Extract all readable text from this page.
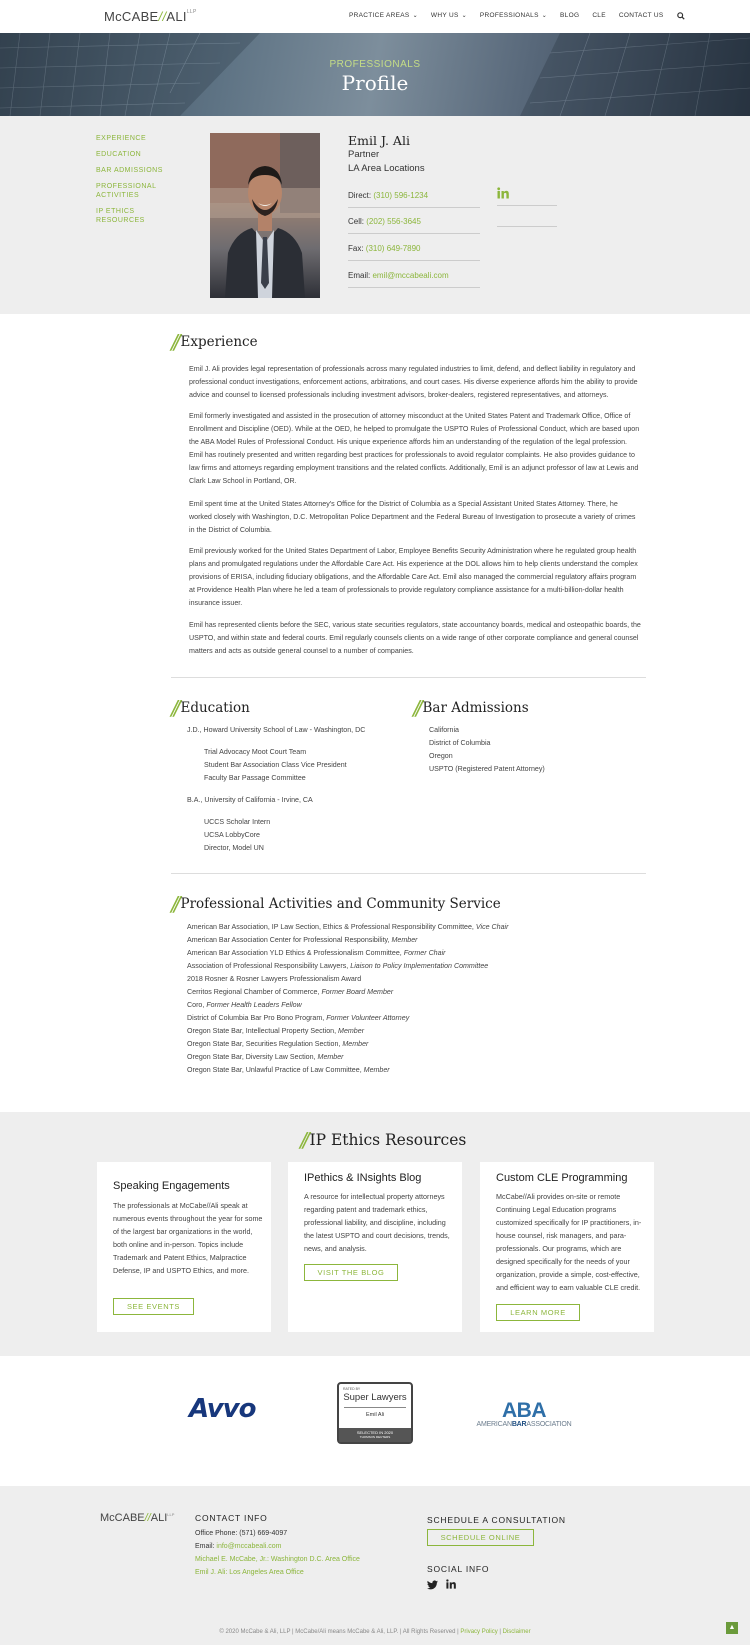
McCABE/$/ALI^{LLP}$	PRACTICE AREAS ⌄ WHY US ⌄ PROFESSIONALS ⌄ BLOG CLE CONTACT US
PROFESSIONALS
Profile
EXPERIENCE
EDUCATION
BAR ADMISSIONS
PROFESSIONAL ACTIVITIES
IP ETHICS RESOURCES
Emil J. Ali
Partner
LA Area Locations
Direct: (310) 596-1234
Cell: (202) 556-3645
Fax: (310) 649-7890
Email: emil@mccabeali.com
// Experience
Emil J. Ali provides legal representation of professionals across many regulated industries to limit, defend, and deflect liability in regulatory and professional conduct investigations, enforcement actions, arbitrations, and court cases. His diverse experience affords him the ability to provide advice and counsel to licensed professionals including investment advisors, broker-dealers, registered representatives, and attorneys.
Emil formerly investigated and assisted in the prosecution of attorney misconduct at the United States Patent and Trademark Office, Office of Enrollment and Discipline (OED). While at the OED, he helped to promulgate the USPTO Rules of Professional Conduct, which are based upon the ABA Model Rules of Professional Conduct. His unique experience affords him an understanding of the regulation of the legal profession. Emil has routinely presented and written regarding best practices for professionals to avoid regulator complaints. He also provides guidance to law firms and attorneys regarding employment transitions and the related conflicts. Additionally, Emil is an adjunct professor of law at Lewis and Clark Law School in Portland, OR.
Emil spent time at the United States Attorney's Office for the District of Columbia as a Special Assistant United States Attorney. There, he worked closely with Washington, D.C. Metropolitan Police Department and the Federal Bureau of Investigation to prosecute a variety of crimes in the District of Columbia.
Emil previously worked for the United States Department of Labor, Employee Benefits Security Administration where he regulated group health plans and promulgated regulations under the Affordable Care Act. His experience at the DOL allows him to help clients understand the complex provisions of ERISA, including fiduciary obligations, and the Affordable Care Act. Emil also managed the commercial regulatory affairs program at Providence Health Plan where he led a team of professionals to provide regulatory compliance assistance for a multi-billion-dollar health insurance issuer.
Emil has represented clients before the SEC, various state securities regulators, state accountancy boards, medical and osteopathic boards, the USPTO, and within state and federal courts. Emil regularly counsels clients on a wide range of other corporate compliance and general counsel matters and acts as outside general counsel to a number of companies.
// Education
J.D., Howard University School of Law - Washington, DC
Trial Advocacy Moot Court Team
Student Bar Association Class Vice President
Faculty Bar Passage Committee
B.A., University of California - Irvine, CA
UCCS Scholar Intern
UCSA LobbyCore
Director, Model UN
// Bar Admissions
California
District of Columbia
Oregon
USPTO (Registered Patent Attorney)
// Professional Activities and Community Service
American Bar Association, IP Law Section, Ethics & Professional Responsibility Committee, Vice Chair
American Bar Association Center for Professional Responsibility, Member
American Bar Association YLD Ethics & Professionalism Committee, Former Chair
Association of Professional Responsibility Lawyers, Liaison to Policy Implementation Committee
2018 Rosner & Rosner Lawyers Professionalism Award
Cerritos Regional Chamber of Commerce, Former Board Member
Coro, Former Health Leaders Fellow
District of Columbia Bar Pro Bono Program, Former Volunteer Attorney
Oregon State Bar, Intellectual Property Section, Member
Oregon State Bar, Securities Regulation Section, Member
Oregon State Bar, Diversity Law Section, Member
Oregon State Bar, Unlawful Practice of Law Committee, Member
// IP Ethics Resources
Speaking Engagements

The professionals at McCabe//Ali speak at numerous events throughout the year for some of the largest bar organizations in the world, both online and in-person. Topics include Trademark and Patent Ethics, Malpractice Defense, IP and USPTO Ethics, and more.

SEE EVENTS
IPethics & INsights Blog

A resource for intellectual property attorneys regarding patent and trademark ethics, professional liability, and discipline, including the latest USPTO and court decisions, trends, news, and analysis.

VISIT THE BLOG
Custom CLE Programming

McCabe//Ali provides on-site or remote Continuing Legal Education programs customized specifically for IP practitioners, in-house counsel, risk managers, and para-professionals. Our programs, which are designed specifically for the needs of your organization, provide a simple, cost-effective, and efficient way to earn valuable CLE credit.

LEARN MORE
Avvo
RATED BY
Super Lawyers
Emil Ali
SELECTED IN 2020
THOMSON REUTERS
ABA
AMERICANBARASSOCIATION
McCABE/$/ALI^{LLP}$ CONTACT INFO
Office Phone: (571) 669-4097
Email: info@mccabeali.com
Michael E. McCabe, Jr.: Washington D.C. Area Office
Emil J. Ali: Los Angeles Area Office
SCHEDULE A CONSULTATION
SCHEDULE ONLINE
SOCIAL INFO
© 2020 McCabe & Ali, LLP | McCabe/Ali means McCabe & Ali, LLP. | All Rights Reserved | Privacy Policy | Disclaimer
▲
